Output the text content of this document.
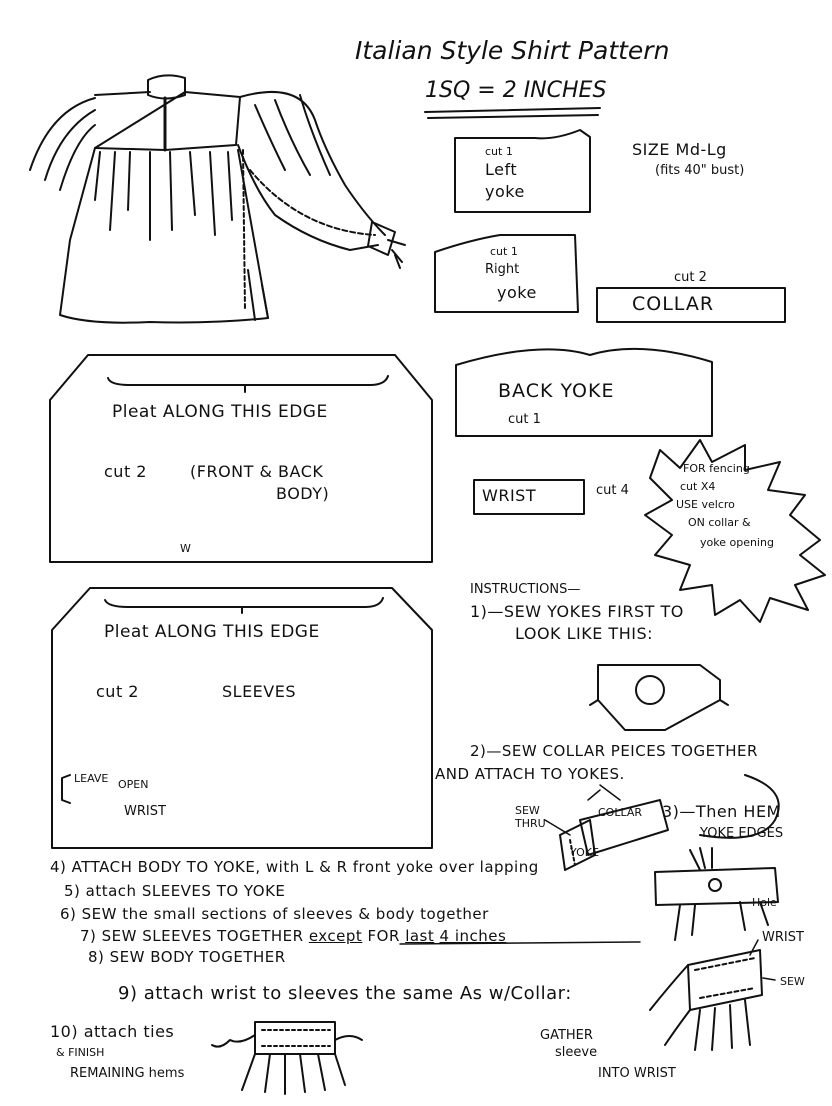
Italian Style Shirt Pattern
1SQ = 2 INCHES
SIZE Md-Lg
(fits 40" bust)
cut 1
Left
yoke
cut 1
Right
yoke
cut 2
COLLAR
BACK YOKE
cut 1
WRIST	cut 4
FOR fencing
cut X4
USE velcro
ON collar &
yoke opening
Pleat ALONG THIS EDGE
cut 2	(FRONT & BACK
BODY)
W
Pleat ALONG THIS EDGE
cut 2	SLEEVES
LEAVE OPEN
WRIST
INSTRUCTIONS—
1)—SEW YOKES FIRST TO
LOOK LIKE THIS:
2)—SEW COLLAR PEICES TOGETHER
AND ATTACH TO YOKES.
SEW
THRU
COLLAR
YOKE
3)—Then HEM
YOKE EDGES
4) ATTACH BODY TO YOKE, with L & R front yoke over lapping
5) attach SLEEVES TO YOKE
6) SEW the small sections of sleeves & body together
7) SEW SLEEVES TOGETHER except FOR last 4 inches
8) SEW BODY TOGETHER
9) attach wrist to sleeves the same As w/Collar:
10) attach ties
& FINISH
REMAINING hems
GATHER
sleeve
INTO WRIST
WRIST
SEW
Hole
